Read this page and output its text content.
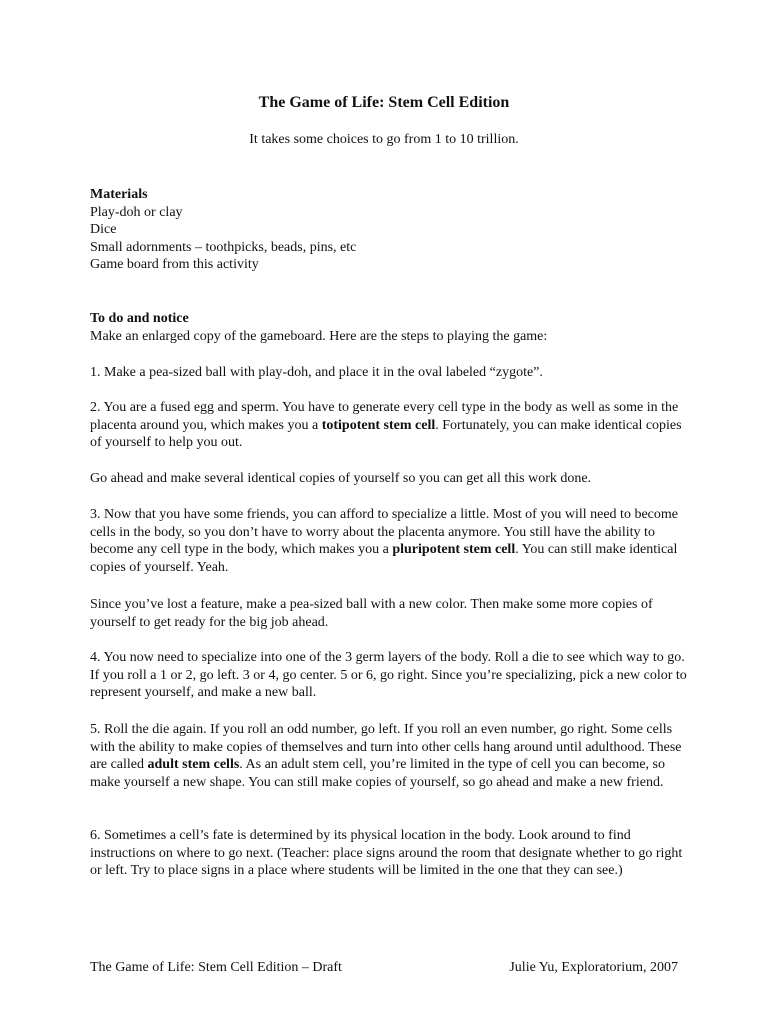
The Game of Life: Stem Cell Edition
It takes some choices to go from 1 to 10 trillion.
Materials
Play-doh or clay
Dice
Small adornments – toothpicks, beads, pins, etc
Game board from this activity
To do and notice
Make an enlarged copy of the gameboard. Here are the steps to playing the game:

1. Make a pea-sized ball with play-doh, and place it in the oval labeled “zygote”.

2. You are a fused egg and sperm. You have to generate every cell type in the body as well as some in the placenta around you, which makes you a totipotent stem cell. Fortunately, you can make identical copies of yourself to help you out.

Go ahead and make several identical copies of yourself so you can get all this work done.

3. Now that you have some friends, you can afford to specialize a little. Most of you will need to become cells in the body, so you don’t have to worry about the placenta anymore. You still have the ability to become any cell type in the body, which makes you a pluripotent stem cell. You can still make identical copies of yourself. Yeah.

Since you’ve lost a feature, make a pea-sized ball with a new color. Then make some more copies of yourself to get ready for the big job ahead.

4. You now need to specialize into one of the 3 germ layers of the body. Roll a die to see which way to go. If you roll a 1 or 2, go left. 3 or 4, go center. 5 or 6, go right. Since you’re specializing, pick a new color to represent yourself, and make a new ball.

5. Roll the die again. If you roll an odd number, go left. If you roll an even number, go right. Some cells with the ability to make copies of themselves and turn into other cells hang around until adulthood. These are called adult stem cells. As an adult stem cell, you’re limited in the type of cell you can become, so make yourself a new shape. You can still make copies of yourself, so go ahead and make a new friend.

6. Sometimes a cell’s fate is determined by its physical location in the body. Look around to find instructions on where to go next. (Teacher: place signs around the room that designate whether to go right or left. Try to place signs in a place where students will be limited in the one that they can see.)

The Game of Life: Stem Cell Edition – Draft	Julie Yu, Exploratorium, 2007
